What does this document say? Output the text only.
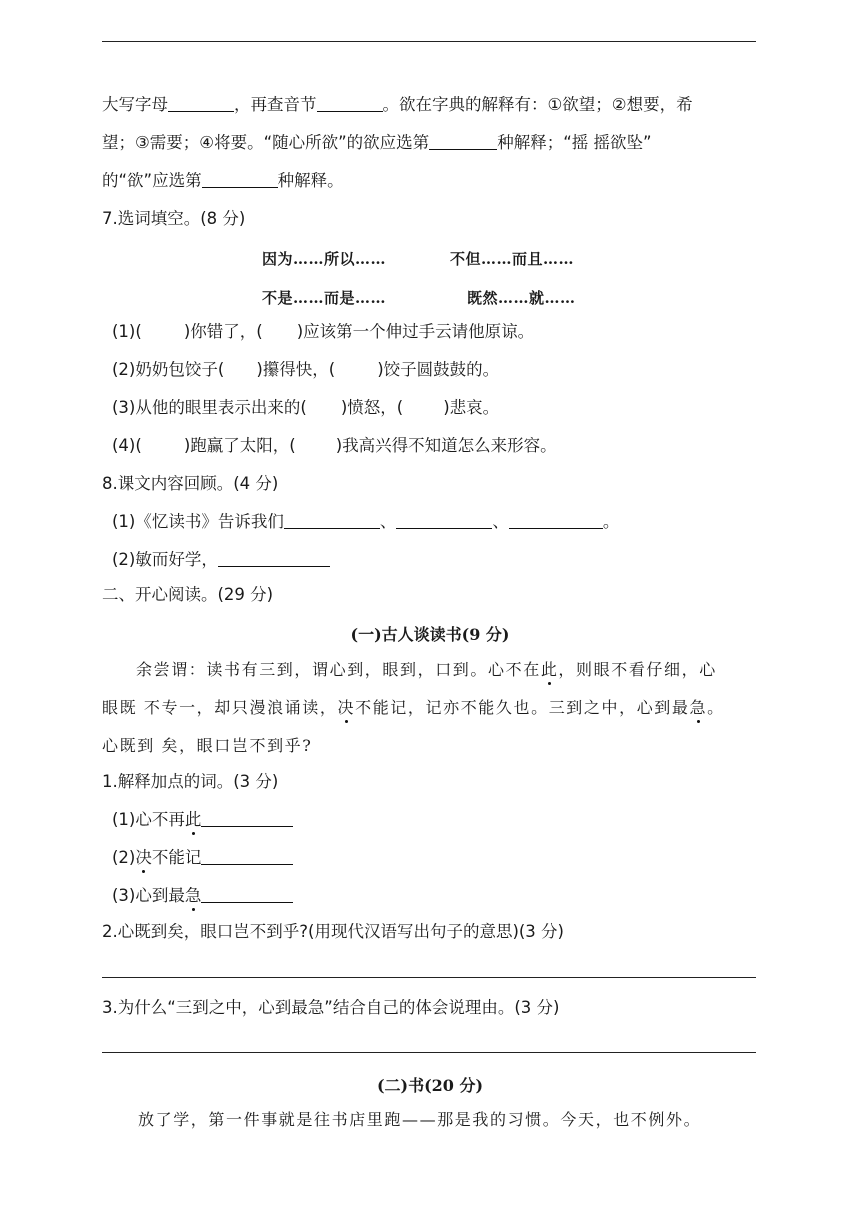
大写字母	，再查音节	。欲在字典的解释有：①欲望；②想要，希
望；③需要；④将要。“随心所欲”的欲应选第	种解释；“摇 摇欲坠”
的“欲”应选第	种解释。
7.选词填空。(8 分)
因为……所以……	不但……而且……
不是……而是……	既然……就……
(1)(	)你错了，( )应该第一个伸过手云请他原谅。
(2)奶奶包饺子( )攥得快，(	)饺子圆鼓鼓的。
(3)从他的眼里表示出来的( )愤怒，( )悲哀。
(4)(	)跑赢了太阳，( )我高兴得不知道怎么来形容。
8.课文内容回顾。(4 分)
(1)《忆读书》告诉我们	、	、	。
(2)敏而好学，
二、开心阅读。(29 分)
(一)古人谈读书(9 分)
余尝谓：读书有三到，谓心到，眼到，口到。心不在此，则眼不看仔细，心
眼既 不专一，却只漫浪诵读，决不能记，记亦不能久也。三到之中，心到最急。
心既到 矣，眼口岂不到乎?
1.解释加点的词。(3 分)
(1)心不再此
(2)决不能记
(3)心到最急
2.心既到矣，眼口岂不到乎?(用现代汉语写出句子的意思)(3 分)
3.为什么“三到之中，心到最急”结合自己的体会说理由。(3 分)
(二)书(20 分)
放了学，第一件事就是往书店里跑——那是我的习惯。今天，也不例外。
